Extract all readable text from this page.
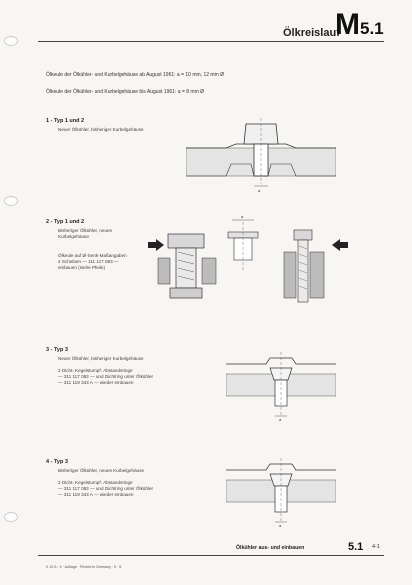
Ölkreislauf
M5.1
Ölkeule der Ölkühler- und Kurbelgehäuse ab August 1961: a = 10 mm, 12 mm Ø
Ölkeule der Ölkühler- und Kurbelgehäuse bis August 1961: a = 8 mm Ø
1 - Typ 1 und 2
Neuer Ölkühler, bisheriger Kurbelgehäuse
a
2 - Typ 1 und 2
Bisheriger Ölkühler, neues
Kurbelgehäuse
Ölkeule auf Ø-Senk-Maßangaben
2 Scheiben — 111 117 083 —
einbauen (siehe Pfeile)
a
3 - Typ 3
Neuer Ölkühler, bisheriger Kurbelgehäuse
2 Dicht- Kegelstumpf- Abstandsringe
— 311 117 083 — und Dichtring unter Ölkühler
— 311 119 343 A — wieder einbauen
a
4 - Typ 3
Bisheriger Ölkühler, neues Kurbelgehäuse
2 Dicht- Kegelstumpf- Abstandsringe
— 311 117 083 — und Dichtring unter Ölkühler
— 311 119 343 A — wieder einbauen
a
Ölkühler aus- und einbauen	5.1 4-1
K 10 A · 5 · Auflage · Printed in Germany · 5 · 6
